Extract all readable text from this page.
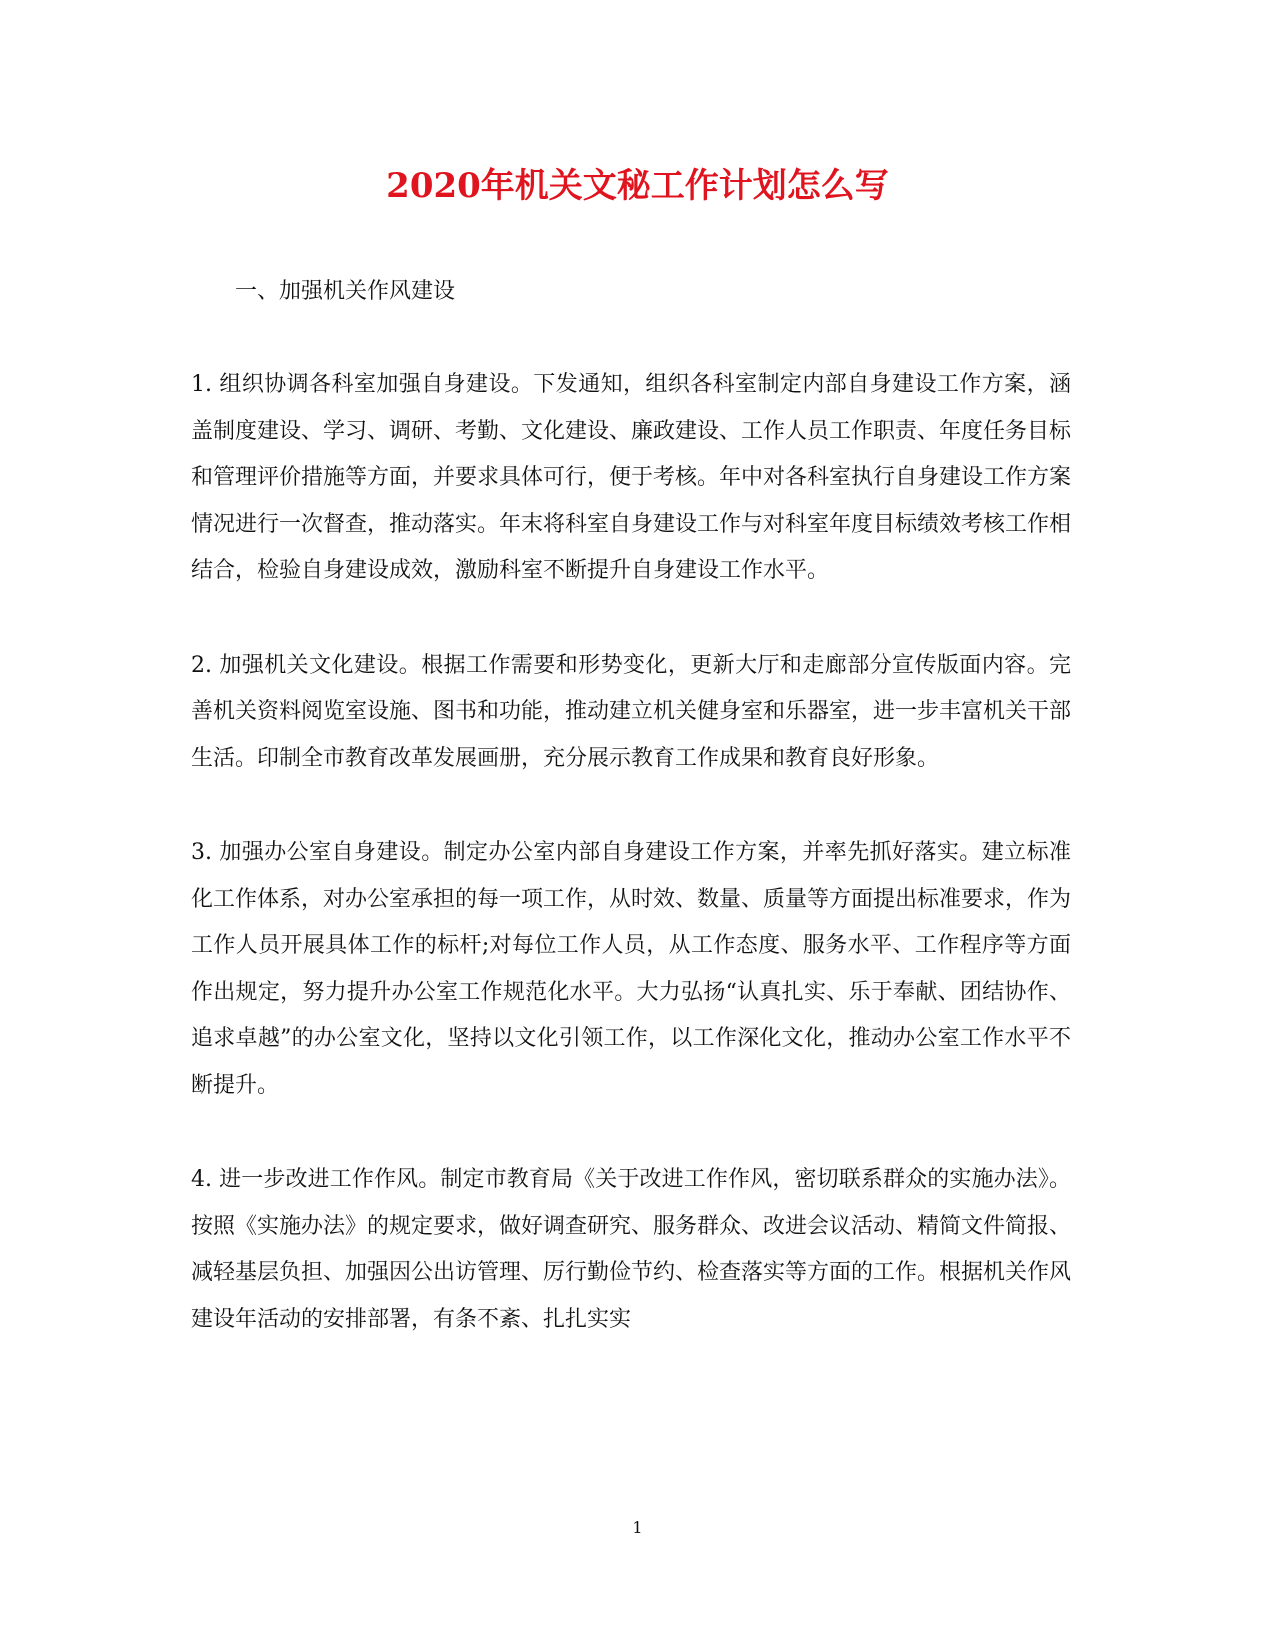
2020年机关文秘工作计划怎么写

一、加强机关作风建设

1. 组织协调各科室加强自身建设。下发通知，组织各科室制定内部自身建设工作方案，涵盖制度建设、学习、调研、考勤、文化建设、廉政建设、工作人员工作职责、年度任务目标和管理评价措施等方面，并要求具体可行，便于考核。年中对各科室执行自身建设工作方案情况进行一次督查，推动落实。年末将科室自身建设工作与对科室年度目标绩效考核工作相结合，检验自身建设成效，激励科室不断提升自身建设工作水平。

2. 加强机关文化建设。根据工作需要和形势变化，更新大厅和走廊部分宣传版面内容。完善机关资料阅览室设施、图书和功能，推动建立机关健身室和乐器室，进一步丰富机关干部生活。印制全市教育改革发展画册，充分展示教育工作成果和教育良好形象。

3. 加强办公室自身建设。制定办公室内部自身建设工作方案，并率先抓好落实。建立标准化工作体系，对办公室承担的每一项工作，从时效、数量、质量等方面提出标准要求，作为工作人员开展具体工作的标杆;对每位工作人员，从工作态度、服务水平、工作程序等方面作出规定，努力提升办公室工作规范化水平。大力弘扬“认真扎实、乐于奉献、团结协作、追求卓越”的办公室文化，坚持以文化引领工作，以工作深化文化，推动办公室工作水平不断提升。

4. 进一步改进工作作风。制定市教育局《关于改进工作作风，密切联系群众的实施办法》。按照《实施办法》的规定要求，做好调查研究、服务群众、改进会议活动、精简文件简报、减轻基层负担、加强因公出访管理、厉行勤俭节约、检查落实等方面的工作。根据机关作风建设年活动的安排部署，有条不紊、扎扎实实

1
